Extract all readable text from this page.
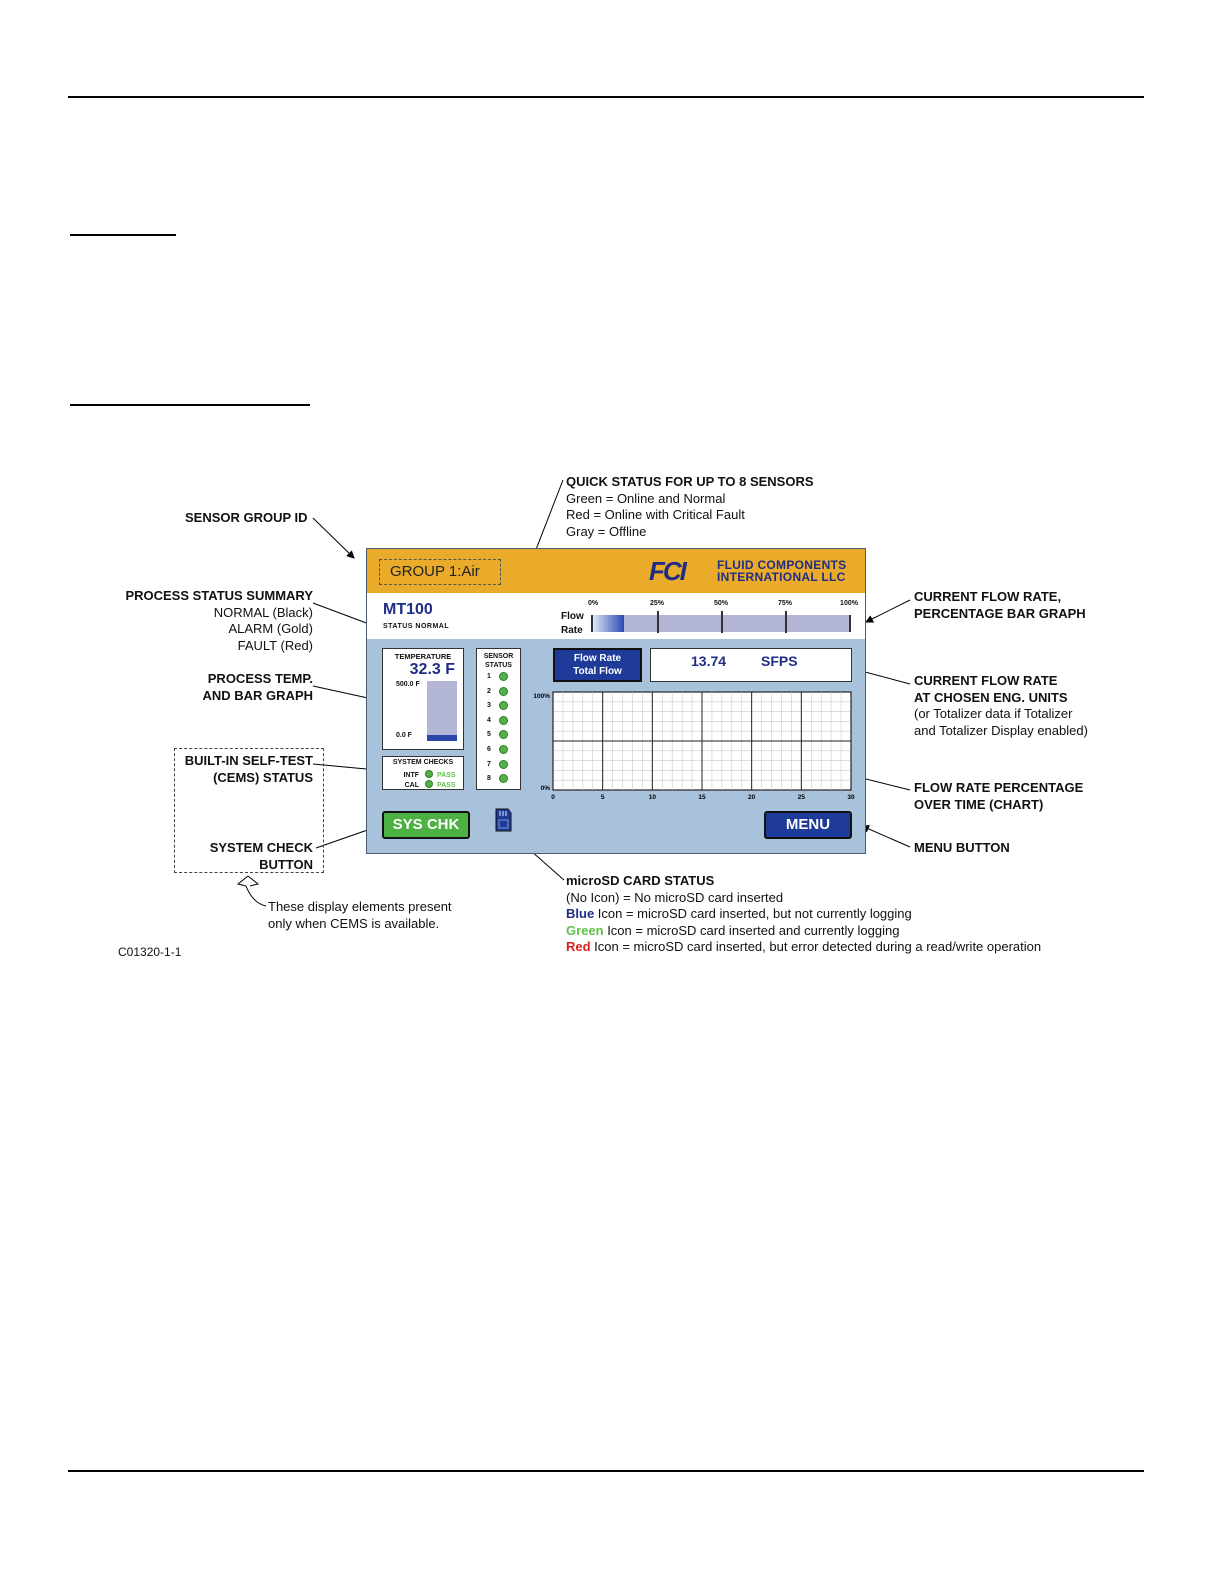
SENSOR GROUP ID
PROCESS STATUS SUMMARY
NORMAL (Black)
ALARM (Gold)
FAULT (Red)
PROCESS TEMP.
AND BAR GRAPH
BUILT-IN SELF-TEST
(CEMS) STATUS
SYSTEM CHECK
BUTTON
These display elements present
only when CEMS is available.
C01320-1-1
QUICK STATUS FOR UP TO 8 SENSORS
Green = Online and Normal
Red = Online with Critical Fault
Gray = Offline
CURRENT FLOW RATE,
PERCENTAGE BAR GRAPH
CURRENT FLOW RATE
AT CHOSEN ENG. UNITS
(or Totalizer data if Totalizer
and Totalizer Display enabled)
FLOW RATE PERCENTAGE
OVER TIME (CHART)
MENU BUTTON
microSD CARD STATUS
(No Icon) = No microSD card inserted
Blue Icon = microSD card inserted, but not currently logging
Green Icon = microSD card inserted and currently logging
Red Icon = microSD card inserted, but error detected during a read/write operation
GROUP 1:Air	FCI	FLUID COMPONENTS
INTERNATIONAL LLC
MT100
STATUS NORMAL
Flow
Rate
0%	25%	50%	75%	100%
TEMPERATURE
32.3 F
500.0 F
0.0 F
SYSTEM CHECKS
INTF	PASS
CAL	PASS
SENSOR
STATUS
1
2
3
4
5
6
7
8
Flow Rate
Total Flow
13.74 SFPS
0	5	10	15	20	25	30
100%
0%
SYS CHK	MENU
